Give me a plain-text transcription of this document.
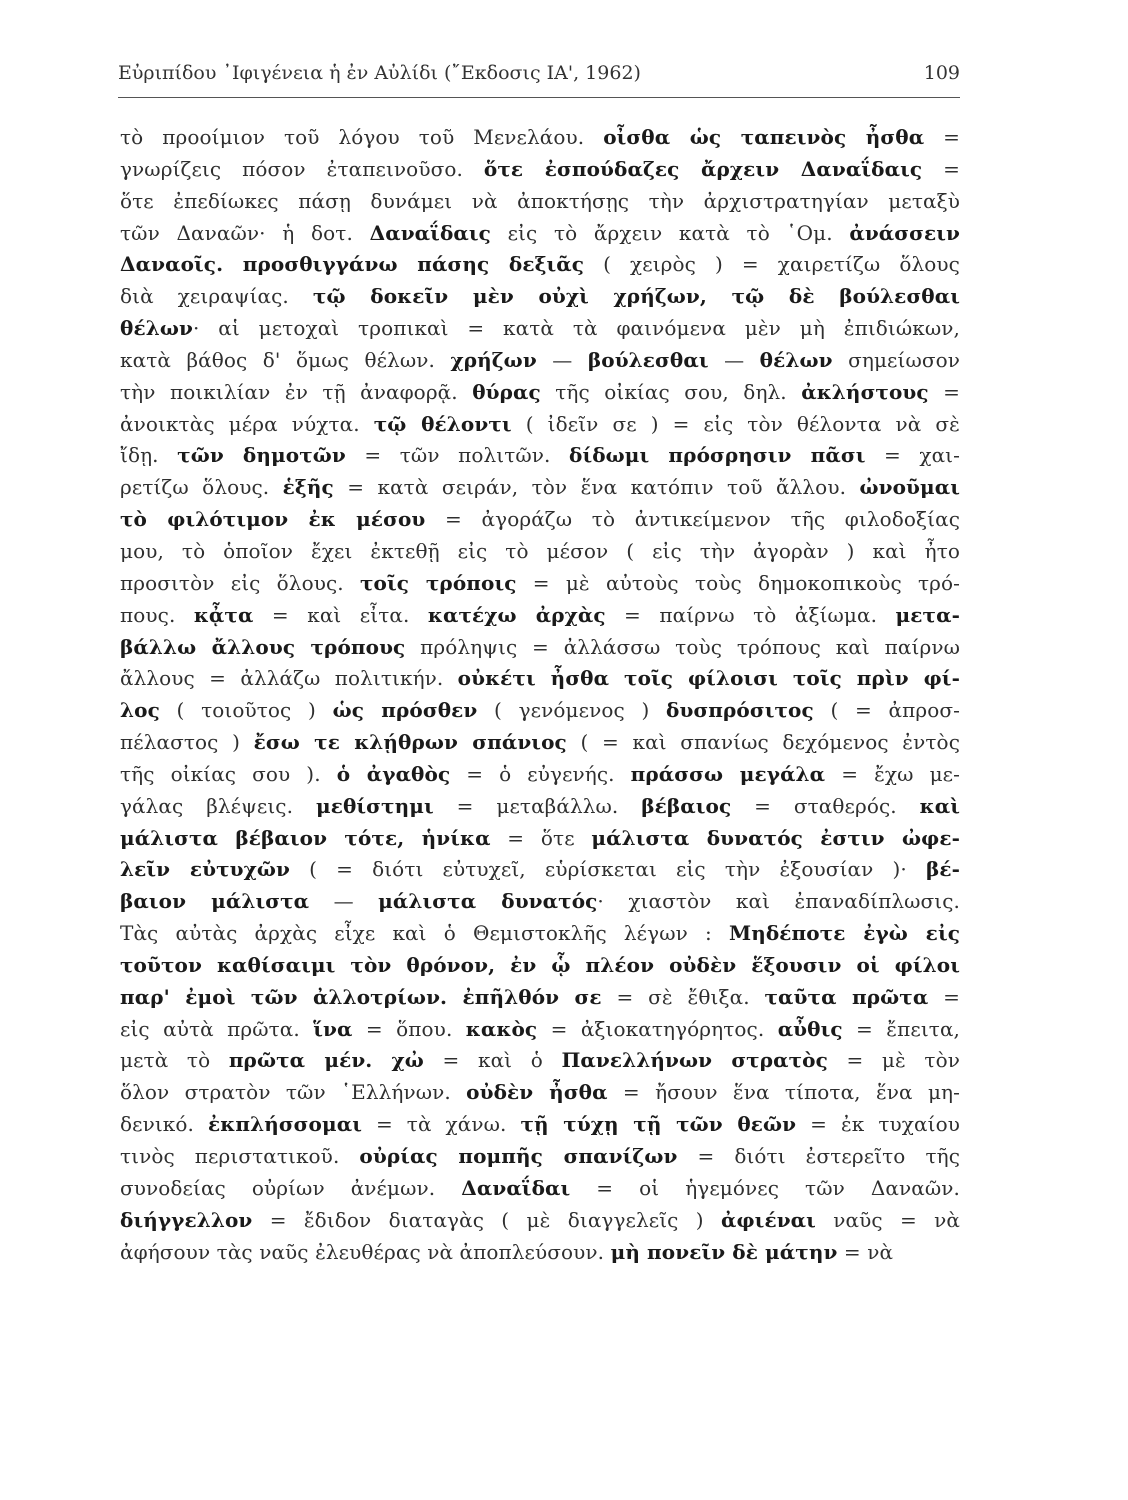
Εὐριπίδου ᾿Ιφιγένεια ἡ ἐν Αὐλίδι (῎Εκδοσις ΙΑ', 1962)	109
τὸ προοίμιον τοῦ λόγου τοῦ Μενελάου. οἶσθα ὡς ταπεινὸς ἦσθα =
γνωρίζεις πόσον ἐταπεινοῦσο. ὅτε ἐσπούδαζες ἄρχειν Δαναΐδαις =
ὅτε ἐπεδίωκες πάσῃ δυνάμει νὰ ἀποκτήσῃς τὴν ἀρχιστρατηγίαν μεταξὺ
τῶν Δαναῶν· ἡ δοτ. Δαναΐδαις εἰς τὸ ἄρχειν κατὰ τὸ ῾Ομ. ἀνάσσειν
Δαναοῖς. προσθιγγάνω πάσης δεξιᾶς ( χειρὸς ) = χαιρετίζω ὅλους
διὰ χειραψίας. τῷ δοκεῖν μὲν οὐχὶ χρήζων, τῷ δὲ βούλεσθαι
θέλων· αἱ μετοχαὶ τροπικαὶ = κατὰ τὰ φαινόμενα μὲν μὴ ἐπιδιώκων,
κατὰ βάθος δ' ὅμως θέλων. χρήζων — βούλεσθαι — θέλων σημείωσον
τὴν ποικιλίαν ἐν τῇ ἀναφορᾷ. θύρας τῆς οἰκίας σου, δηλ. ἀκλήστους =
ἀνοικτὰς μέρα νύχτα. τῷ θέλοντι ( ἰδεῖν σε ) = εἰς τὸν θέλοντα νὰ σὲ
ἴδῃ. τῶν δημοτῶν = τῶν πολιτῶν. δίδωμι πρόσρησιν πᾶσι = χαι-
ρετίζω ὅλους. ἑξῆς = κατὰ σειράν, τὸν ἕνα κατόπιν τοῦ ἄλλου. ὠνοῦμαι
τὸ φιλότιμον ἐκ μέσου = ἀγοράζω τὸ ἀντικείμενον τῆς φιλοδοξίας
μου, τὸ ὁποῖον ἔχει ἐκτεθῇ εἰς τὸ μέσον ( εἰς τὴν ἀγορὰν ) καὶ ἦτο
προσιτὸν εἰς ὅλους. τοῖς τρόποις = μὲ αὐτοὺς τοὺς δημοκοπικοὺς τρό-
πους. κᾆτα = καὶ εἶτα. κατέχω ἀρχὰς = παίρνω τὸ ἀξίωμα. μετα-
βάλλω ἄλλους τρόπους πρόληψις = ἀλλάσσω τοὺς τρόπους καὶ παίρνω
ἄλλους = ἀλλάζω πολιτικήν. οὐκέτι ἦσθα τοῖς φίλοισι τοῖς πρὶν φί-
λος ( τοιοῦτος ) ὡς πρόσθεν ( γενόμενος ) δυσπρόσιτος ( = ἀπροσ-
πέλαστος ) ἔσω τε κλῄθρων σπάνιος ( = καὶ σπανίως δεχόμενος ἐντὸς
τῆς οἰκίας σου ). ὁ ἀγαθὸς = ὁ εὐγενής. πράσσω μεγάλα = ἔχω με-
γάλας βλέψεις. μεθίστημι = μεταβάλλω. βέβαιος = σταθερός. καὶ
μάλιστα βέβαιον τότε, ἡνίκα = ὅτε μάλιστα δυνατός ἐστιν ὠφε-
λεῖν εὐτυχῶν ( = διότι εὐτυχεῖ, εὑρίσκεται εἰς τὴν ἐξουσίαν )· βέ-
βαιον μάλιστα — μάλιστα δυνατός· χιαστὸν καὶ ἐπαναδίπλωσις.
Τὰς αὐτὰς ἀρχὰς εἶχε καὶ ὁ Θεμιστοκλῆς λέγων : Μηδέποτε ἐγὼ εἰς
τοῦτον καθίσαιμι τὸν θρόνον, ἐν ᾧ πλέον οὐδὲν ἕξουσιν οἱ φίλοι
παρ' ἐμοὶ τῶν ἀλλοτρίων. ἐπῆλθόν σε = σὲ ἔθιξα. ταῦτα πρῶτα =
εἰς αὐτὰ πρῶτα. ἵνα = ὅπου. κακὸς = ἀξιοκατηγόρητος. αὖθις = ἔπειτα,
μετὰ τὸ πρῶτα μέν. χὠ = καὶ ὁ Πανελλήνων στρατὸς = μὲ τὸν
ὅλον στρατὸν τῶν ῾Ελλήνων. οὐδὲν ἦσθα = ἤσουν ἕνα τίποτα, ἕνα μη-
δενικό. ἐκπλήσσομαι = τὰ χάνω. τῇ τύχῃ τῇ τῶν θεῶν = ἐκ τυχαίου
τινὸς περιστατικοῦ. οὐρίας πομπῆς σπανίζων = διότι ἐστερεῖτο τῆς
συνοδείας οὐρίων ἀνέμων. Δαναΐδαι = οἱ ἡγεμόνες τῶν Δαναῶν.
διήγγελλον = ἔδιδον διαταγὰς ( μὲ διαγγελεῖς ) ἀφιέναι ναῦς = νὰ
ἀφήσουν τὰς ναῦς ἐλευθέρας νὰ ἀποπλεύσουν. μὴ πονεῖν δὲ μάτην = νὰ
